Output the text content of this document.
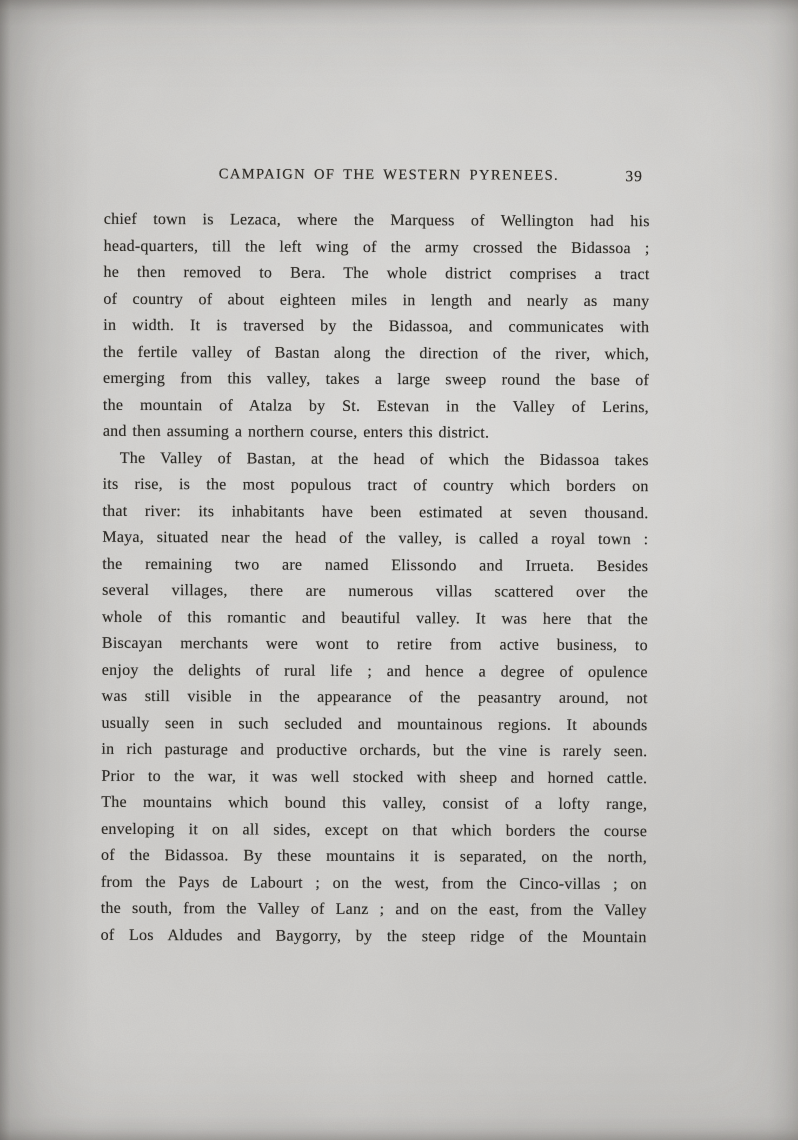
CAMPAIGN OF THE WESTERN PYRENEES.	39
chief town is Lezaca, where the Marquess of Wellington had his
head-quarters, till the left wing of the army crossed the Bidassoa ;
he then removed to Bera. The whole district comprises a tract
of country of about eighteen miles in length and nearly as many
in width. It is traversed by the Bidassoa, and communicates with
the fertile valley of Bastan along the direction of the river, which,
emerging from this valley, takes a large sweep round the base of
the mountain of Atalza by St. Estevan in the Valley of Lerins,
and then assuming a northern course, enters this district.
The Valley of Bastan, at the head of which the Bidassoa takes
its rise, is the most populous tract of country which borders on
that river: its inhabitants have been estimated at seven thousand.
Maya, situated near the head of the valley, is called a royal town :
the remaining two are named Elissondo and Irrueta. Besides
several villages, there are numerous villas scattered over the
whole of this romantic and beautiful valley. It was here that the
Biscayan merchants were wont to retire from active business, to
enjoy the delights of rural life ; and hence a degree of opulence
was still visible in the appearance of the peasantry around, not
usually seen in such secluded and mountainous regions. It abounds
in rich pasturage and productive orchards, but the vine is rarely seen.
Prior to the war, it was well stocked with sheep and horned cattle.
The mountains which bound this valley, consist of a lofty range,
enveloping it on all sides, except on that which borders the course
of the Bidassoa. By these mountains it is separated, on the north,
from the Pays de Labourt ; on the west, from the Cinco-villas ; on
the south, from the Valley of Lanz ; and on the east, from the Valley
of Los Aldudes and Baygorry, by the steep ridge of the Mountain
